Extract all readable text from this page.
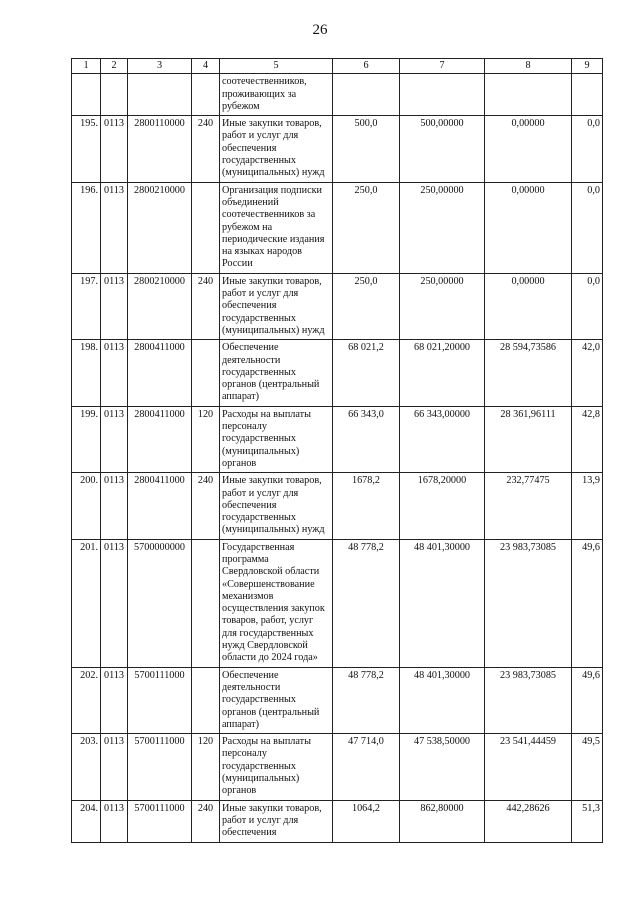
26
1	2	3	4	5	6	7	8	9
				соотечественников, проживающих за рубежом				
195.	0113	2800110000	240	Иные закупки товаров, работ и услуг для обеспечения государственных (муниципальных) нужд	500,0	500,00000	0,00000	0,0
196.	0113	2800210000		Организация подписки объединений соотечественников за рубежом на периодические издания на языках народов России	250,0	250,00000	0,00000	0,0
197.	0113	2800210000	240	Иные закупки товаров, работ и услуг для обеспечения государственных (муниципальных) нужд	250,0	250,00000	0,00000	0,0
198.	0113	2800411000		Обеспечение деятельности государственных органов (центральный аппарат)	68 021,2	68 021,20000	28 594,73586	42,0
199.	0113	2800411000	120	Расходы на выплаты персоналу государственных (муниципальных) органов	66 343,0	66 343,00000	28 361,96111	42,8
200.	0113	2800411000	240	Иные закупки товаров, работ и услуг для обеспечения государственных (муниципальных) нужд	1678,2	1678,20000	232,77475	13,9
201.	0113	5700000000		Государственная программа Свердловской области «Совершенствование механизмов осуществления закупок товаров, работ, услуг для государственных нужд Свердловской области до 2024 года»	48 778,2	48 401,30000	23 983,73085	49,6
202.	0113	5700111000		Обеспечение деятельности государственных органов (центральный аппарат)	48 778,2	48 401,30000	23 983,73085	49,6
203.	0113	5700111000	120	Расходы на выплаты персоналу государственных (муниципальных) органов	47 714,0	47 538,50000	23 541,44459	49,5
204.	0113	5700111000	240	Иные закупки товаров, работ и услуг для обеспечения	1064,2	862,80000	442,28626	51,3
